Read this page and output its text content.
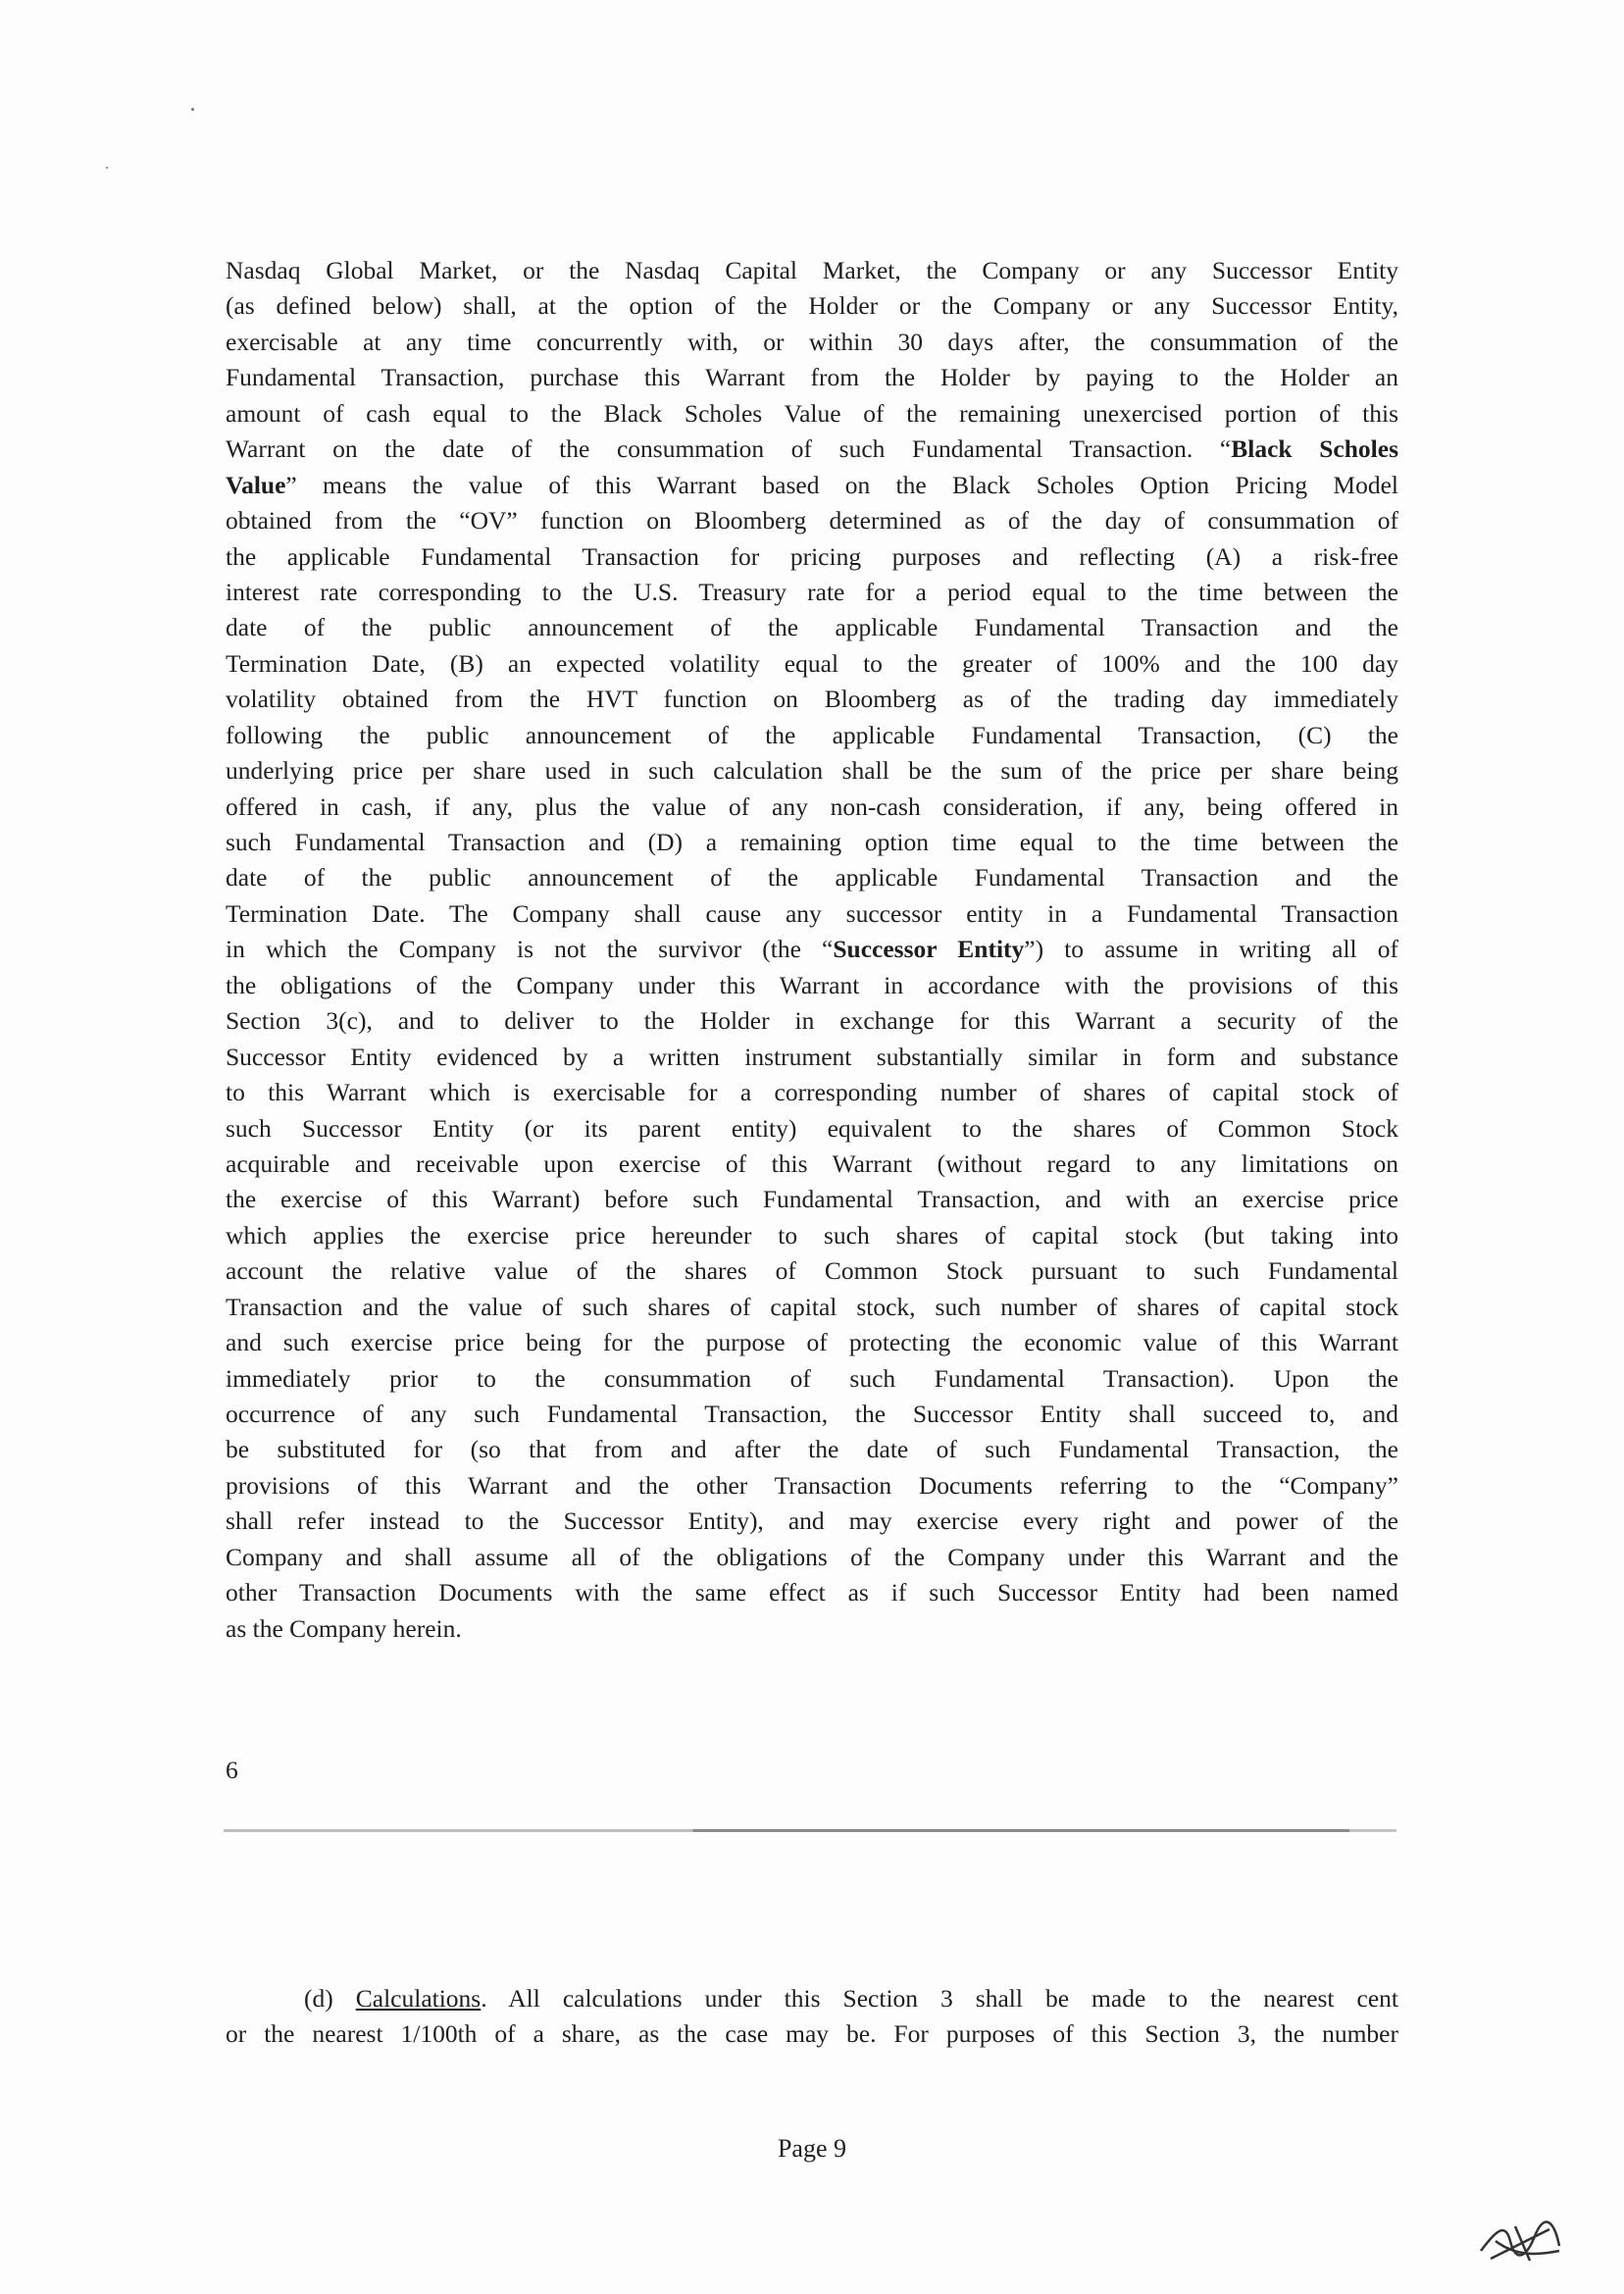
Nasdaq Global Market, or the Nasdaq Capital Market, the Company or any Successor Entity
(as defined below) shall, at the option of the Holder or the Company or any Successor Entity,
exercisable at any time concurrently with, or within 30 days after, the consummation of the
Fundamental Transaction, purchase this Warrant from the Holder by paying to the Holder an
amount of cash equal to the Black Scholes Value of the remaining unexercised portion of this
Warrant on the date of the consummation of such Fundamental Transaction. “Black Scholes
Value” means the value of this Warrant based on the Black Scholes Option Pricing Model
obtained from the “OV” function on Bloomberg determined as of the day of consummation of
the applicable Fundamental Transaction for pricing purposes and reflecting (A) a risk-free
interest rate corresponding to the U.S. Treasury rate for a period equal to the time between the
date of the public announcement of the applicable Fundamental Transaction and the
Termination Date, (B) an expected volatility equal to the greater of 100% and the 100 day
volatility obtained from the HVT function on Bloomberg as of the trading day immediately
following the public announcement of the applicable Fundamental Transaction, (C) the
underlying price per share used in such calculation shall be the sum of the price per share being
offered in cash, if any, plus the value of any non-cash consideration, if any, being offered in
such Fundamental Transaction and (D) a remaining option time equal to the time between the
date of the public announcement of the applicable Fundamental Transaction and the
Termination Date. The Company shall cause any successor entity in a Fundamental Transaction
in which the Company is not the survivor (the “Successor Entity”) to assume in writing all of
the obligations of the Company under this Warrant in accordance with the provisions of this
Section 3(c), and to deliver to the Holder in exchange for this Warrant a security of the
Successor Entity evidenced by a written instrument substantially similar in form and substance
to this Warrant which is exercisable for a corresponding number of shares of capital stock of
such Successor Entity (or its parent entity) equivalent to the shares of Common Stock
acquirable and receivable upon exercise of this Warrant (without regard to any limitations on
the exercise of this Warrant) before such Fundamental Transaction, and with an exercise price
which applies the exercise price hereunder to such shares of capital stock (but taking into
account the relative value of the shares of Common Stock pursuant to such Fundamental
Transaction and the value of such shares of capital stock, such number of shares of capital stock
and such exercise price being for the purpose of protecting the economic value of this Warrant
immediately prior to the consummation of such Fundamental Transaction). Upon the
occurrence of any such Fundamental Transaction, the Successor Entity shall succeed to, and
be substituted for (so that from and after the date of such Fundamental Transaction, the
provisions of this Warrant and the other Transaction Documents referring to the “Company”
shall refer instead to the Successor Entity), and may exercise every right and power of the
Company and shall assume all of the obligations of the Company under this Warrant and the
other Transaction Documents with the same effect as if such Successor Entity had been named
as the Company herein.
6
(d) Calculations. All calculations under this Section 3 shall be made to the nearest cent
or the nearest 1/100th of a share, as the case may be. For purposes of this Section 3, the number
Page 9
